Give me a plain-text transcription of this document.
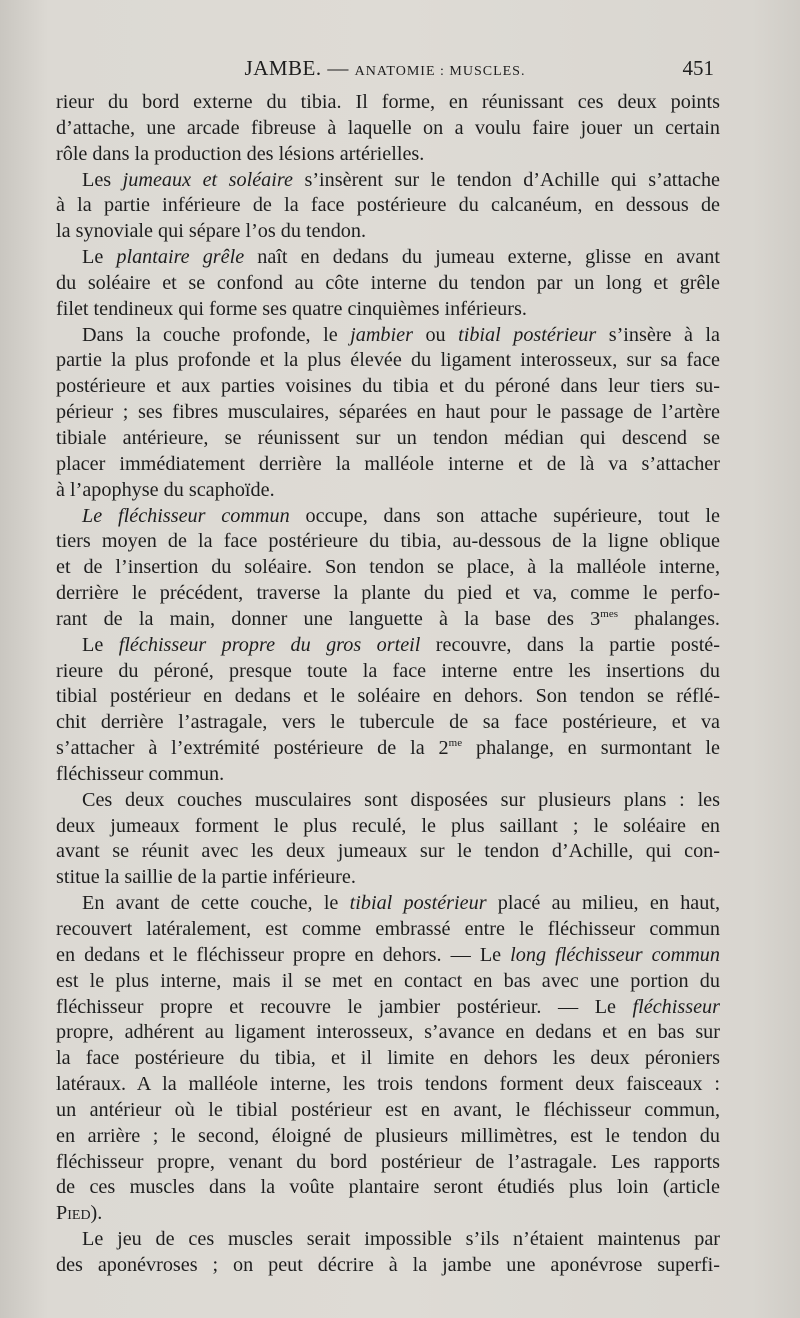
JAMBE. — ANATOMIE : MUSCLES.	451
rieur du bord externe du tibia. Il forme, en réunissant ces deux points
d’attache, une arcade fibreuse à laquelle on a voulu faire jouer un certain
rôle dans la production des lésions artérielles.
Les jumeaux et soléaire s’insèrent sur le tendon d’Achille qui s’attache
à la partie inférieure de la face postérieure du calcanéum, en dessous de
la synoviale qui sépare l’os du tendon.
Le plantaire grêle naît en dedans du jumeau externe, glisse en avant
du soléaire et se confond au côte interne du tendon par un long et grêle
filet tendineux qui forme ses quatre cinquièmes inférieurs.
Dans la couche profonde, le jambier ou tibial postérieur s’insère à la
partie la plus profonde et la plus élevée du ligament interosseux, sur sa face
postérieure et aux parties voisines du tibia et du péroné dans leur tiers su-
périeur ; ses fibres musculaires, séparées en haut pour le passage de l’artère
tibiale antérieure, se réunissent sur un tendon médian qui descend se
placer immédiatement derrière la malléole interne et de là va s’attacher
à l’apophyse du scaphoïde.
Le fléchisseur commun occupe, dans son attache supérieure, tout le
tiers moyen de la face postérieure du tibia, au-dessous de la ligne oblique
et de l’insertion du soléaire. Son tendon se place, à la malléole interne,
derrière le précédent, traverse la plante du pied et va, comme le perfo-
rant de la main, donner une languette à la base des $3^{mes}$ phalanges.
Le fléchisseur propre du gros orteil recouvre, dans la partie posté-
rieure du péroné, presque toute la face interne entre les insertions du
tibial postérieur en dedans et le soléaire en dehors. Son tendon se réflé-
chit derrière l’astragale, vers le tubercule de sa face postérieure, et va
s’attacher à l’extrémité postérieure de la $2^{me}$ phalange, en surmontant le
fléchisseur commun.
Ces deux couches musculaires sont disposées sur plusieurs plans : les
deux jumeaux forment le plus reculé, le plus saillant ; le soléaire en
avant se réunit avec les deux jumeaux sur le tendon d’Achille, qui con-
stitue la saillie de la partie inférieure.
En avant de cette couche, le tibial postérieur placé au milieu, en haut,
recouvert latéralement, est comme embrassé entre le fléchisseur commun
en dedans et le fléchisseur propre en dehors. — Le long fléchisseur commun
est le plus interne, mais il se met en contact en bas avec une portion du
fléchisseur propre et recouvre le jambier postérieur. — Le fléchisseur
propre, adhérent au ligament interosseux, s’avance en dedans et en bas sur
la face postérieure du tibia, et il limite en dehors les deux péroniers
latéraux. A la malléole interne, les trois tendons forment deux faisceaux :
un antérieur où le tibial postérieur est en avant, le fléchisseur commun,
en arrière ; le second, éloigné de plusieurs millimètres, est le tendon du
fléchisseur propre, venant du bord postérieur de l’astragale. Les rapports
de ces muscles dans la voûte plantaire seront étudiés plus loin (article
Pied).
Le jeu de ces muscles serait impossible s’ils n’étaient maintenus par
des aponévroses ; on peut décrire à la jambe une aponévrose superfi-
